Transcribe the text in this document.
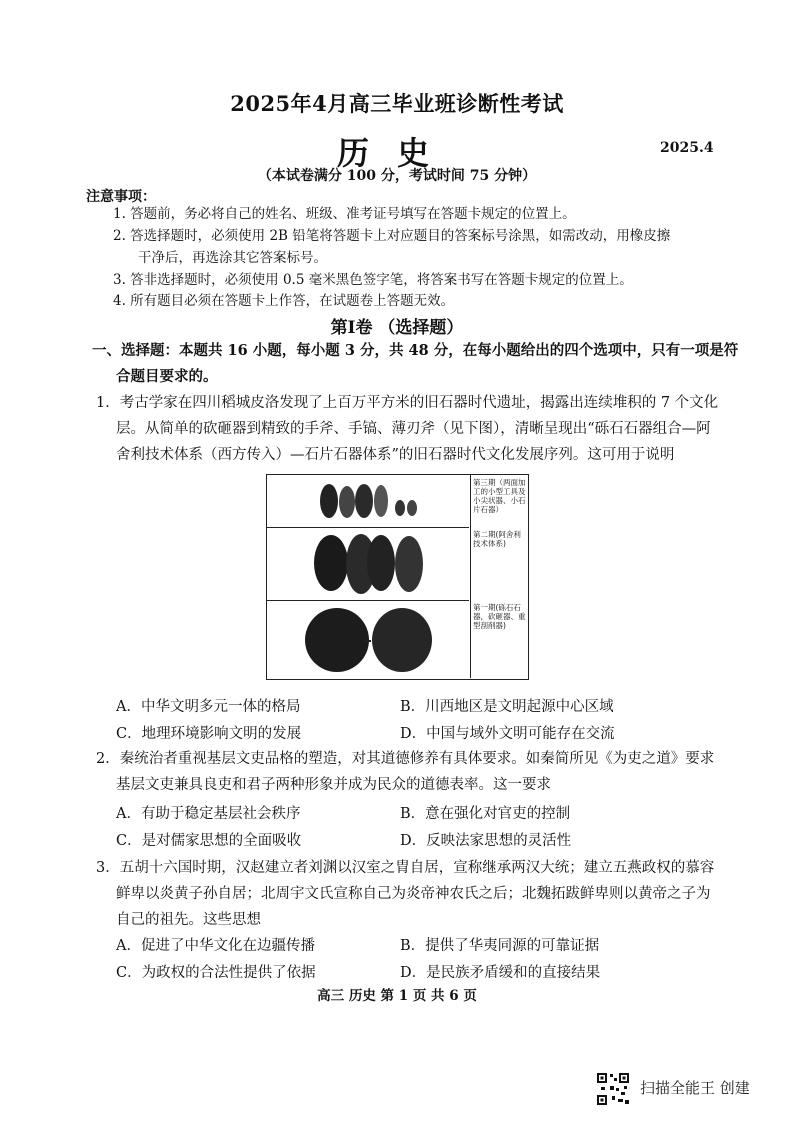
2025年4月高三毕业班诊断性考试
历史	2025.4
（本试卷满分 100 分，考试时间 75 分钟）
注意事项：
1. 答题前，务必将自己的姓名、班级、准考证号填写在答题卡规定的位置上。
2. 答选择题时，必须使用 2B 铅笔将答题卡上对应题目的答案标号涂黑，如需改动，用橡皮擦
干净后，再选涂其它答案标号。
3. 答非选择题时，必须使用 0.5 毫米黑色签字笔，将答案书写在答题卡规定的位置上。
4. 所有题目必须在答题卡上作答，在试题卷上答题无效。
第Ⅰ卷 （选择题）
一、选择题：本题共 16 小题，每小题 3 分，共 48 分，在每小题给出的四个选项中，只有一项是符
合题目要求的。
1．考古学家在四川稻城皮洛发现了上百万平方米的旧石器时代遗址，揭露出连续堆积的 7 个文化
层。从简单的砍砸器到精致的手斧、手镐、薄刃斧（见下图），清晰呈现出“砾石石器组合—阿
舍利技术体系（西方传入）—石片石器体系”的旧石器时代文化发展序列。这可用于说明
第三期（两面加工的小型工具及小尖状器、小石片石器）
第二期(阿舍利技术体系)
第一期(砾石石器，砍砸器、重型刮削器)
A．中华文明多元一体的格局	B．川西地区是文明起源中心区域
C．地理环境影响文明的发展	D．中国与域外文明可能存在交流
2．秦统治者重视基层文吏品格的塑造，对其道德修养有具体要求。如秦简所见《为吏之道》要求
基层文吏兼具良吏和君子两种形象并成为民众的道德表率。这一要求
A．有助于稳定基层社会秩序	B．意在强化对官吏的控制
C．是对儒家思想的全面吸收	D．反映法家思想的灵活性
3．五胡十六国时期，汉赵建立者刘渊以汉室之胄自居，宣称继承两汉大统；建立五燕政权的慕容
鲜卑以炎黄子孙自居；北周宇文氏宣称自己为炎帝神农氏之后；北魏拓跋鲜卑则以黄帝之子为
自己的祖先。这些思想
A．促进了中华文化在边疆传播	B．提供了华夷同源的可靠证据
C．为政权的合法性提供了依据	D．是民族矛盾缓和的直接结果
高三 历史 第 1 页 共 6 页
扫描全能王 创建
